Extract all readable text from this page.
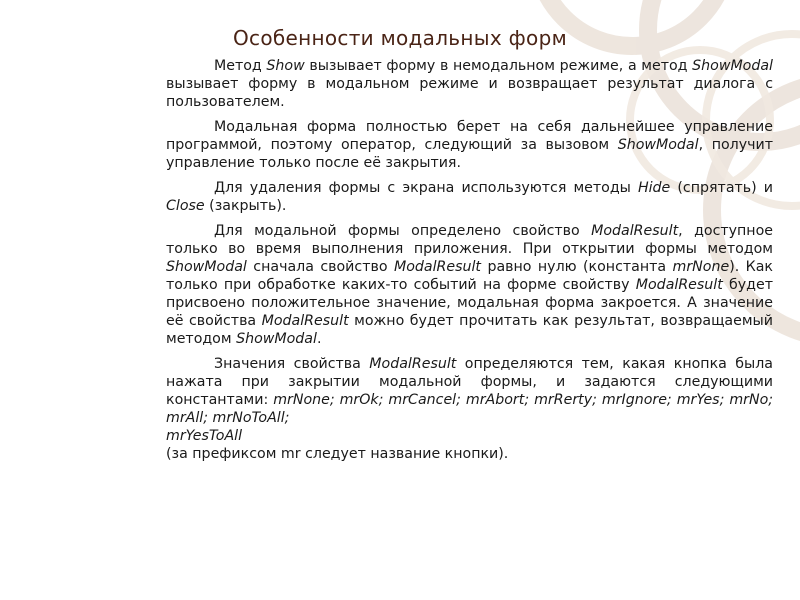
Особенности модальных форм

Метод Show вызывает форму в немодальном режиме, а метод ShowModal вызывает форму в модальном режиме и возвращает результат диалога с пользователем.

Модальная форма полностью берет на себя дальнейшее управление программой, поэтому оператор, следующий за вызовом ShowModal, получит управление только после её закрытия.

Для удаления формы с экрана используются методы Hide (спрятать) и Close (закрыть).

Для модальной формы определено свойство ModalResult, доступное только во время выполнения приложения. При открытии формы методом ShowModal сначала свойство ModalResult равно нулю (константа mrNone). Как только при обработке каких-то событий на форме свойству ModalResult будет присвоено положительное значение, модальная форма закроется. А значение её свойства ModalResult можно будет прочитать как результат, возвращаемый методом ShowModal.

Значения свойства ModalResult определяются тем, какая кнопка была нажата при закрытии модальной формы, и задаются следующими константами: mrNone; mrOk; mrCancel; mrAbort; mrRerty; mrIgnore; mrYes; mrNo; mrAll; mrNoToAll;
mrYesToAll
(за префиксом mr следует название кнопки).
